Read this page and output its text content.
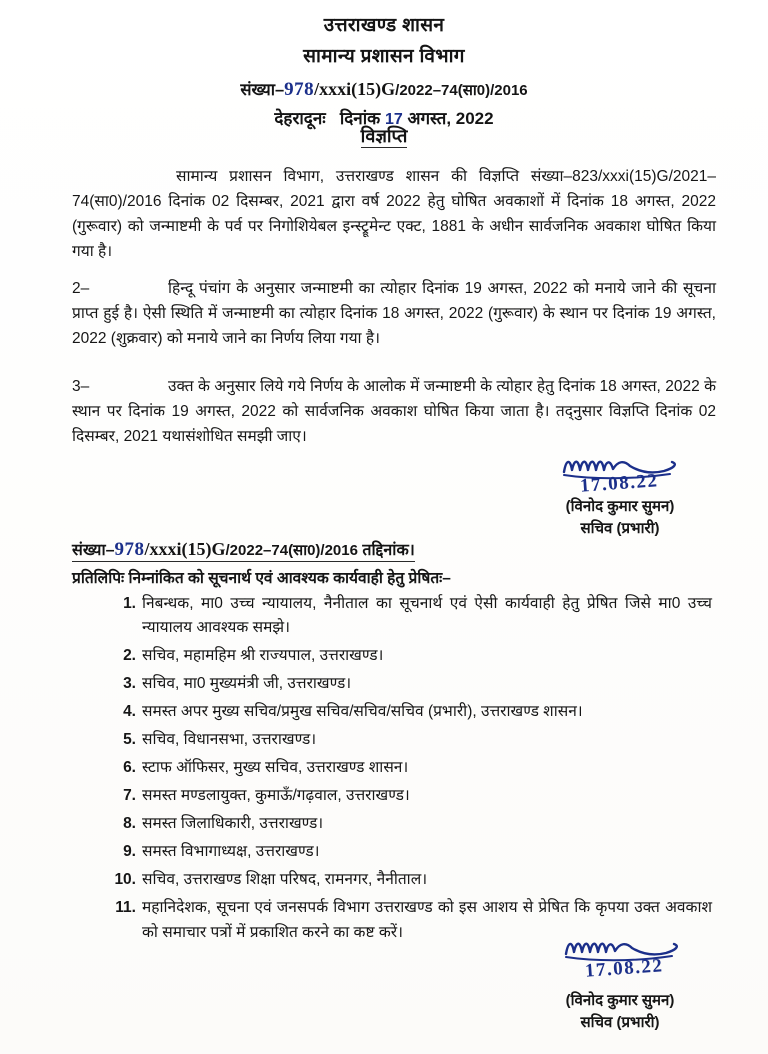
उत्तराखण्ड शासन
सामान्य प्रशासन विभाग
संख्या–978/xxxi(15)G/2022–74(सा0)/2016
देहरादूनः दिनांक 17 अगस्त, 2022
विज्ञप्ति
सामान्य प्रशासन विभाग, उत्तराखण्ड शासन की विज्ञप्ति संख्या–823/xxxi(15)G/2021–74(सा0)/2016 दिनांक 02 दिसम्बर, 2021 द्वारा वर्ष 2022 हेतु घोषित अवकाशों में दिनांक 18 अगस्त, 2022 (गुरूवार) को जन्माष्टमी के पर्व पर निगोशियेबल इन्स्ट्रूमेन्ट एक्ट, 1881 के अधीन सार्वजनिक अवकाश घोषित किया गया है।
2–	हिन्दू पंचांग के अनुसार जन्माष्टमी का त्योहार दिनांक 19 अगस्त, 2022 को मनाये जाने की सूचना प्राप्त हुई है। ऐसी स्थिति में जन्माष्टमी का त्योहार दिनांक 18 अगस्त, 2022 (गुरूवार) के स्थान पर दिनांक 19 अगस्त, 2022 (शुक्रवार) को मनाये जाने का निर्णय लिया गया है।
3–	उक्त के अनुसार लिये गये निर्णय के आलोक में जन्माष्टमी के त्योहार हेतु दिनांक 18 अगस्त, 2022 के स्थान पर दिनांक 19 अगस्त, 2022 को सार्वजनिक अवकाश घोषित किया जाता है। तद्नुसार विज्ञप्ति दिनांक 02 दिसम्बर, 2021 यथासंशोधित समझी जाए।
17.08.22
(विनोद कुमार सुमन)
सचिव (प्रभारी)
संख्या–978/xxxi(15)G/2022–74(सा0)/2016 तद्दिनांक।
प्रतिलिपिः निम्नांकित को सूचनार्थ एवं आवश्यक कार्यवाही हेतु प्रेषितः–
1. निबन्धक, मा0 उच्च न्यायालय, नैनीताल का सूचनार्थ एवं ऐसी कार्यवाही हेतु प्रेषित जिसे मा0 उच्च न्यायालय आवश्यक समझे।
2. सचिव, महामहिम श्री राज्यपाल, उत्तराखण्ड।
3. सचिव, मा0 मुख्यमंत्री जी, उत्तराखण्ड।
4. समस्त अपर मुख्य सचिव/प्रमुख सचिव/सचिव/सचिव (प्रभारी), उत्तराखण्ड शासन।
5. सचिव, विधानसभा, उत्तराखण्ड।
6. स्टाफ ऑफिसर, मुख्य सचिव, उत्तराखण्ड शासन।
7. समस्त मण्डलायुक्त, कुमाऊँ/गढ़वाल, उत्तराखण्ड।
8. समस्त जिलाधिकारी, उत्तराखण्ड।
9. समस्त विभागाध्यक्ष, उत्तराखण्ड।
10. सचिव, उत्तराखण्ड शिक्षा परिषद, रामनगर, नैनीताल।
11. महानिदेशक, सूचना एवं जनसपर्क विभाग उत्तराखण्ड को इस आशय से प्रेषित कि कृपया उक्त अवकाश को समाचार पत्रों में प्रकाशित करने का कष्ट करें।
17.08.22
(विनोद कुमार सुमन)
सचिव (प्रभारी)
